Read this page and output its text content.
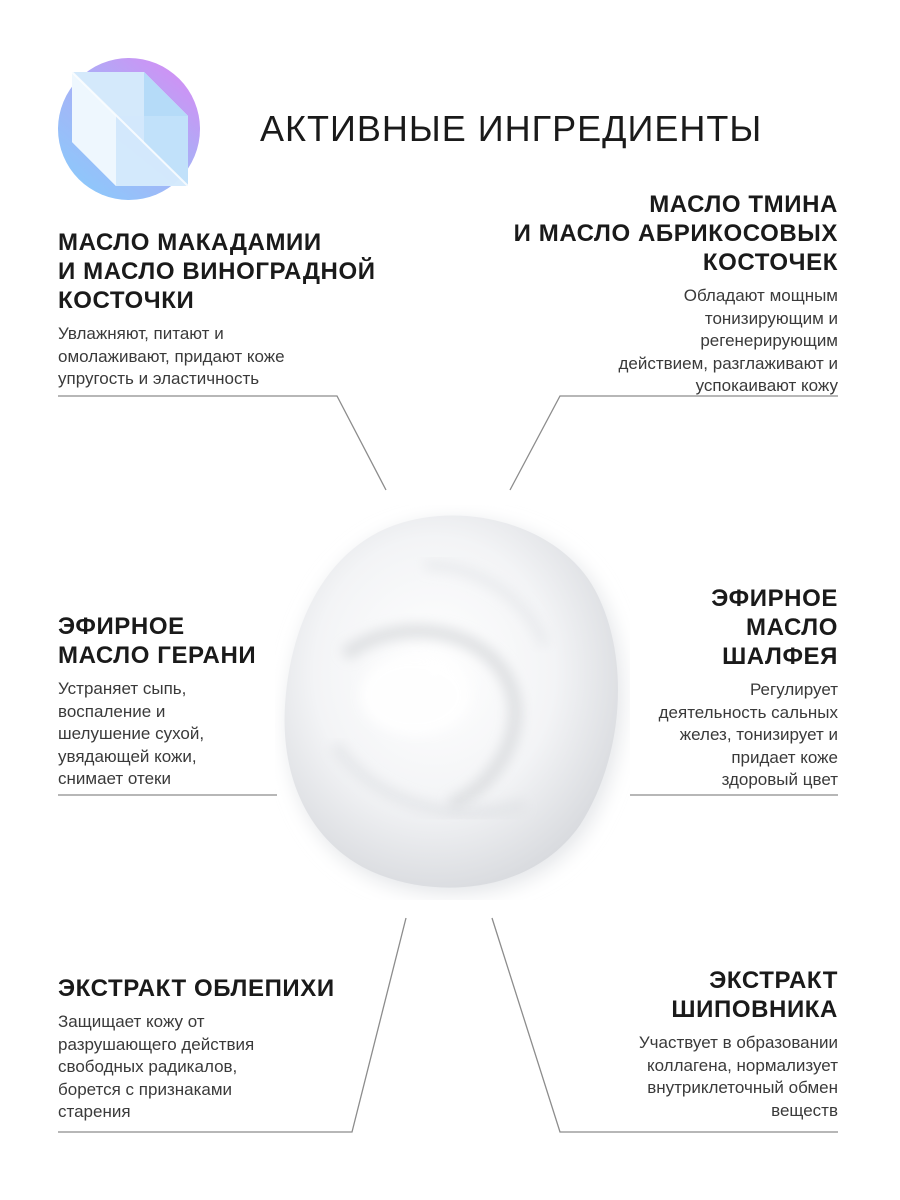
АКТИВНЫЕ ИНГРЕДИЕНТЫ
МАСЛО МАКАДАМИИ
И МАСЛО ВИНОГРАДНОЙ
КОСТОЧКИ
Увлажняют, питают и
омолаживают, придают коже
упругость и эластичность
МАСЛО ТМИНА
И МАСЛО АБРИКОСОВЫХ
КОСТОЧЕК
Обладают мощным
тонизирующим и
регенерирующим
действием, разглаживают и
успокаивают кожу
ЭФИРНОЕ
МАСЛО ГЕРАНИ
Устраняет сыпь,
воспаление и
шелушение сухой,
увядающей кожи,
снимает отеки
ЭФИРНОЕ
МАСЛО
ШАЛФЕЯ
Регулирует
деятельность сальных
желез, тонизирует и
придает коже
здоровый цвет
ЭКСТРАКТ ОБЛЕПИХИ
Защищает кожу от
разрушающего действия
свободных радикалов,
борется с признаками
старения
ЭКСТРАКТ
ШИПОВНИКА
Участвует в образовании
коллагена, нормализует
внутриклеточный обмен
веществ
